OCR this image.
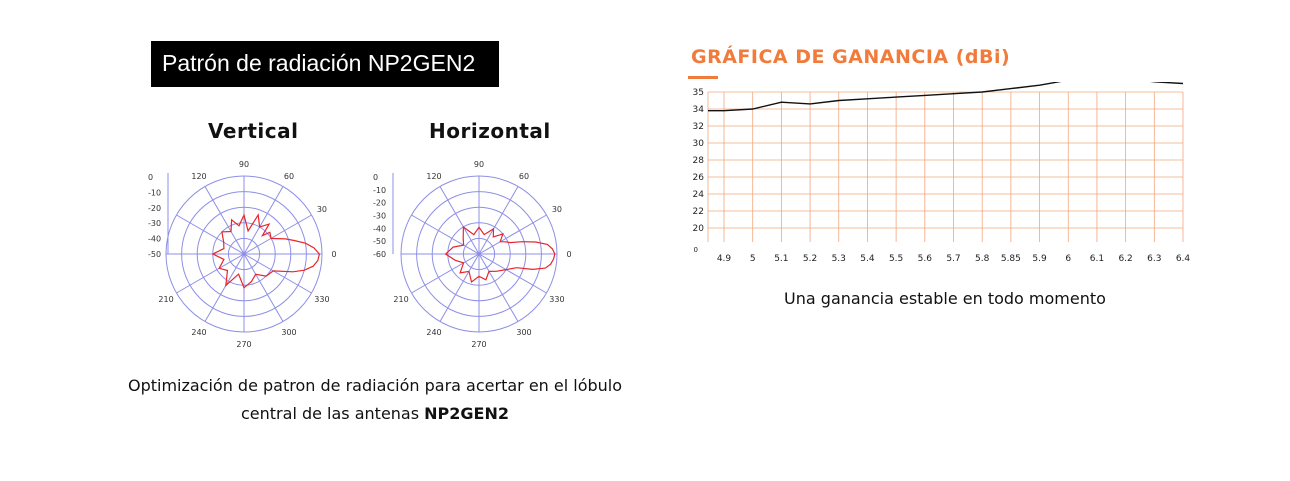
Patrón de radiación NP2GEN2
Vertical	Horizontal
0
-10
-20
-30
-40
-50	0
30
60
90
120
210
240
270
300
330
0
-10
-20
-30
-40
-50
-60	0
30
60
90
120
210
240
270
300
330
Optimización de patron de radiación para acertar en el lóbulo
central de las antenas NP2GEN2
GRÁFICA DE GANANCIA (dBi)
35
34
32
30
28
26
24
22
20
0
4.9 5 5.1 5.2 5.3 5.4 5.5 5.6 5.7 5.8 5.85 5.9 6 6.1 6.2 6.3 6.4
Una ganancia estable en todo momento
